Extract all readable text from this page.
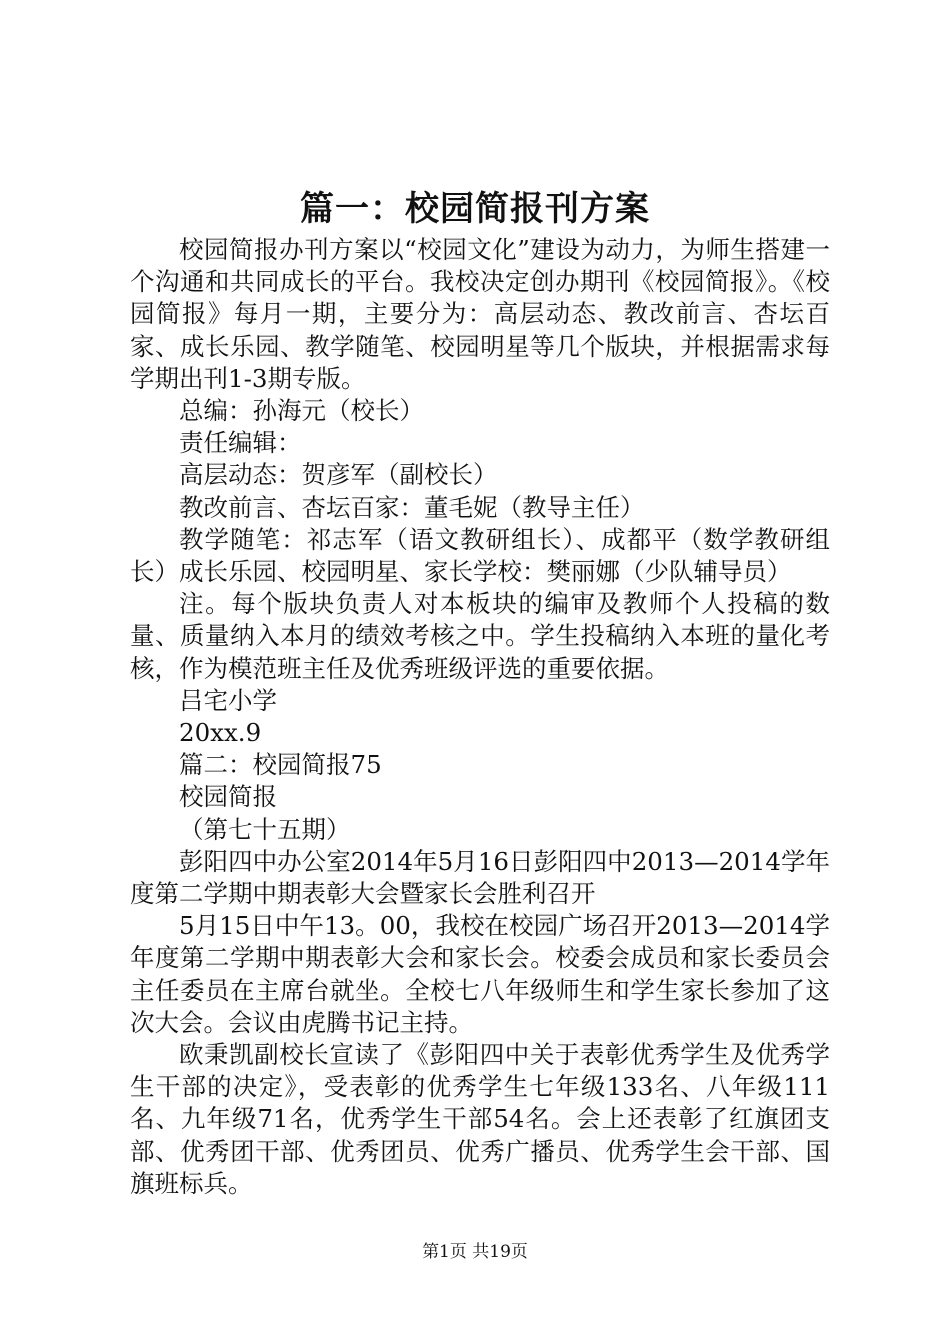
篇一：校园简报刊方案

校园简报办刊方案以“校园文化”建设为动力，为师生搭建一个沟通和共同成长的平台。我校决定创办期刊《校园简报》。《校园简报》每月一期，主要分为：高层动态、教改前言、杏坛百家、成长乐园、教学随笔、校园明星等几个版块，并根据需求每学期出刊1-3期专版。

总编：孙海元（校长）

责任编辑：

高层动态：贺彦军（副校长）

教改前言、杏坛百家：董毛妮（教导主任）

教学随笔：祁志军（语文教研组长）、成都平（数学教研组长）成长乐园、校园明星、家长学校：樊丽娜（少队辅导员）

注。每个版块负责人对本板块的编审及教师个人投稿的数量、质量纳入本月的绩效考核之中。学生投稿纳入本班的量化考核，作为模范班主任及优秀班级评选的重要依据。

吕宅小学

20xx.9

篇二：校园简报75

校园简报

（第七十五期）

彭阳四中办公室2014年5月16日彭阳四中2013—2014学年度第二学期中期表彰大会暨家长会胜利召开

5月15日中午13。00，我校在校园广场召开2013—2014学年度第二学期中期表彰大会和家长会。校委会成员和家长委员会主任委员在主席台就坐。全校七八年级师生和学生家长参加了这次大会。会议由虎腾书记主持。

欧秉凯副校长宣读了《彭阳四中关于表彰优秀学生及优秀学生干部的决定》，受表彰的优秀学生七年级133名、八年级111名、九年级71名，优秀学生干部54名。会上还表彰了红旗团支部、优秀团干部、优秀团员、优秀广播员、优秀学生会干部、国旗班标兵。

第1页 共19页
